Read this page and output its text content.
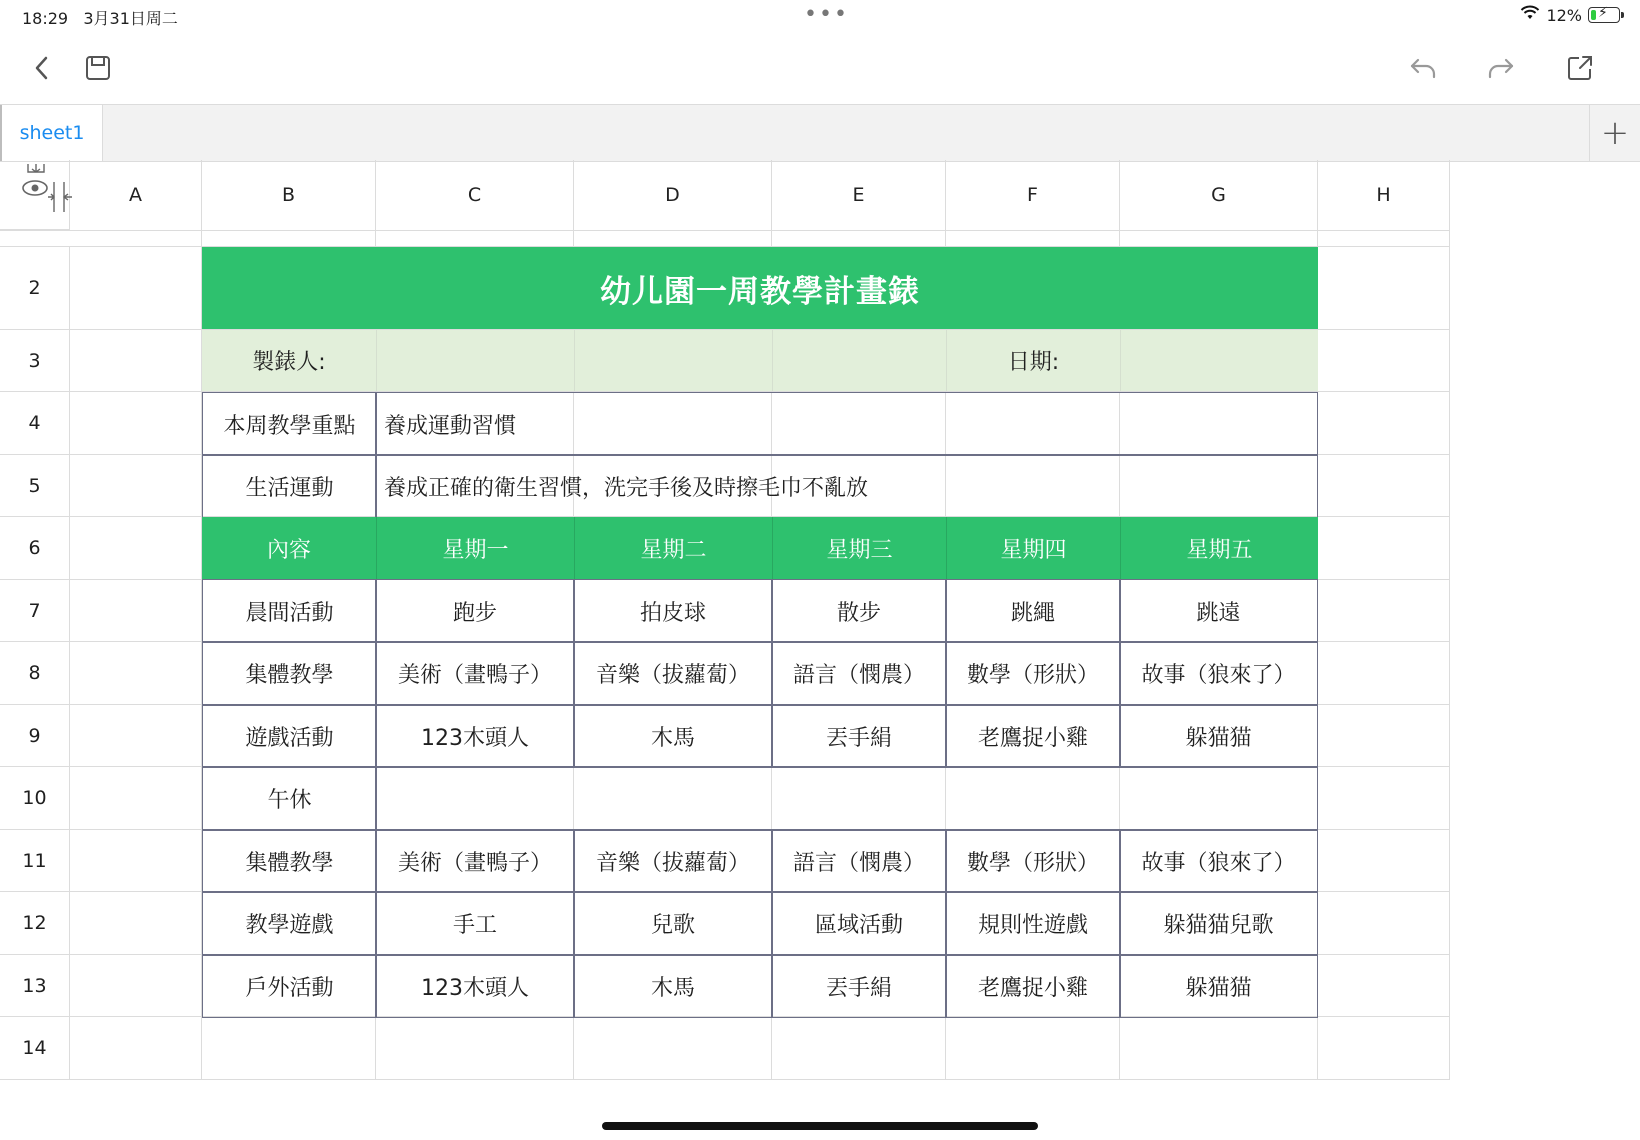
18:29 3月31日周二	•••	12% ⚡
sheet1	+
A	B	C	D	E	F	G	H
2
3
4
5
6
7
8
9
10
11
12
13
14
幼儿園一周教學計畫錶
製錶人:	日期:
本周教學重點	養成運動習慣
生活運動	養成正確的衛生習慣，洗完手後及時擦毛巾不亂放
內容	星期一	星期二	星期三	星期四	星期五
晨間活動	跑步	拍皮球	散步	跳繩	跳遠
集體教學	美術（畫鴨子）	音樂（拔蘿蔔）	語言（憫農）	數學（形狀）	故事（狼來了）
遊戲活動	123木頭人	木馬	丟手絹	老鷹捉小雞	躲猫猫
午休
集體教學	美術（畫鴨子）	音樂（拔蘿蔔）	語言（憫農）	數學（形狀）	故事（狼來了）
教學遊戲	手工	兒歌	區域活動	規則性遊戲	躲猫猫兒歌
戶外活動	123木頭人	木馬	丟手絹	老鷹捉小雞	躲猫猫
